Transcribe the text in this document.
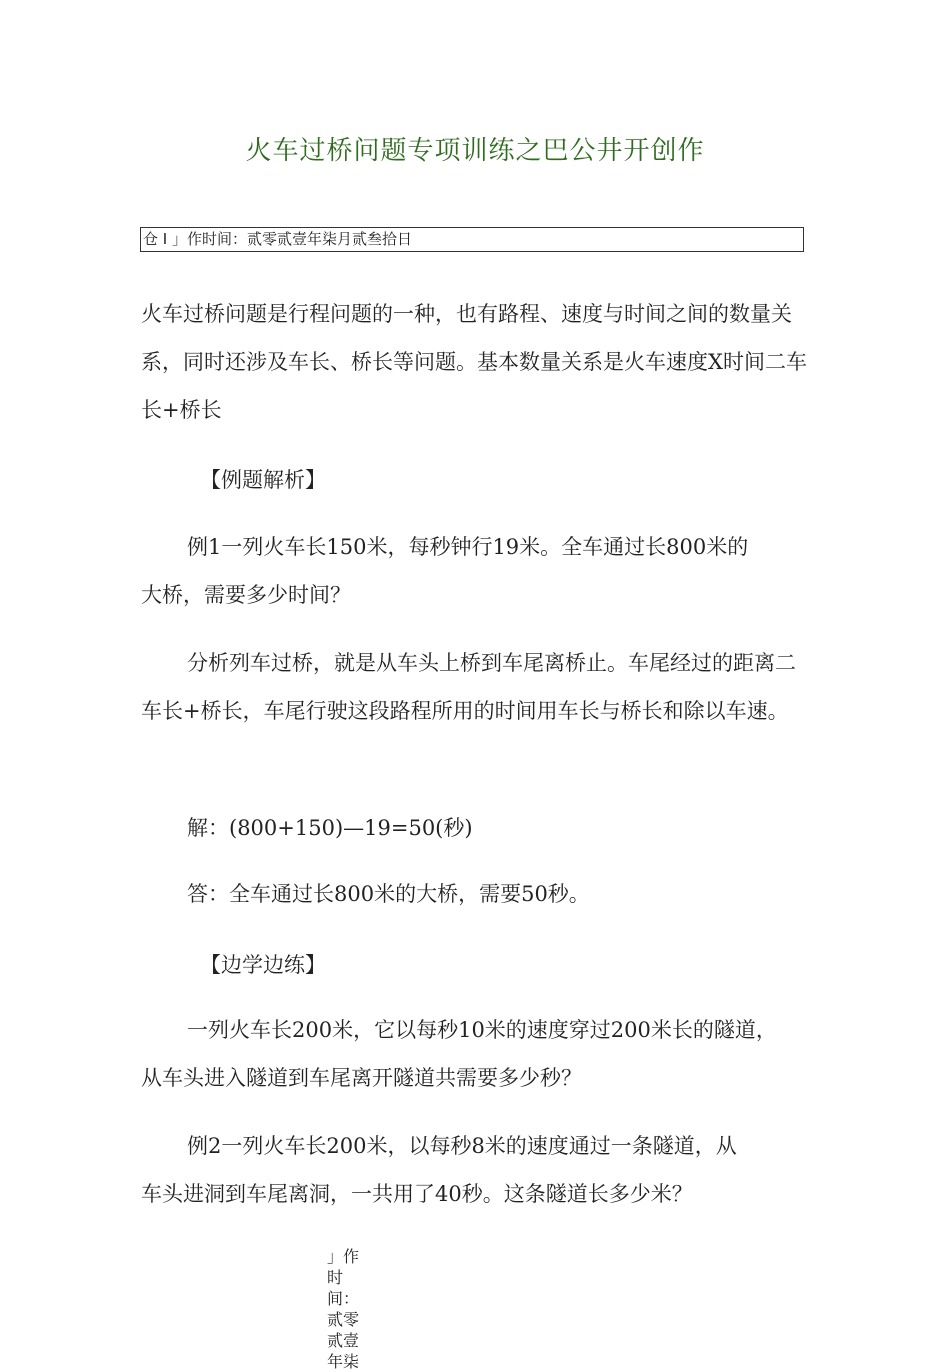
火车过桥问题专项训练之巴公井开创作
仓 I 」作时间：贰零贰壹年柒月贰叁拾日

火车过桥问题是行程问题的一种，也有路程、速度与时间之间的数量关系，同时还涉及车长、桥长等问题。基本数量关系是火车速度X时间二车长+桥长

【例题解析】

例1一列火车长150米，每秒钟行19米。全车通过长800米的大桥，需要多少时间？

分析列车过桥，就是从车头上桥到车尾离桥止。车尾经过的距离二车长+桥长，车尾行驶这段路程所用的时间用车长与桥长和除以车速。

解：(800+150)—19=50(秒)

答：全车通过长800米的大桥，需要50秒。

【边学边练】

一列火车长200米，它以每秒10米的速度穿过200米长的隧道，从车头进入隧道到车尾离开隧道共需要多少秒？

例2一列火车长200米，以每秒8米的速度通过一条隧道，从车头进洞到车尾离洞，一共用了40秒。这条隧道长多少米？

」作时间：贰零贰壹年柒
